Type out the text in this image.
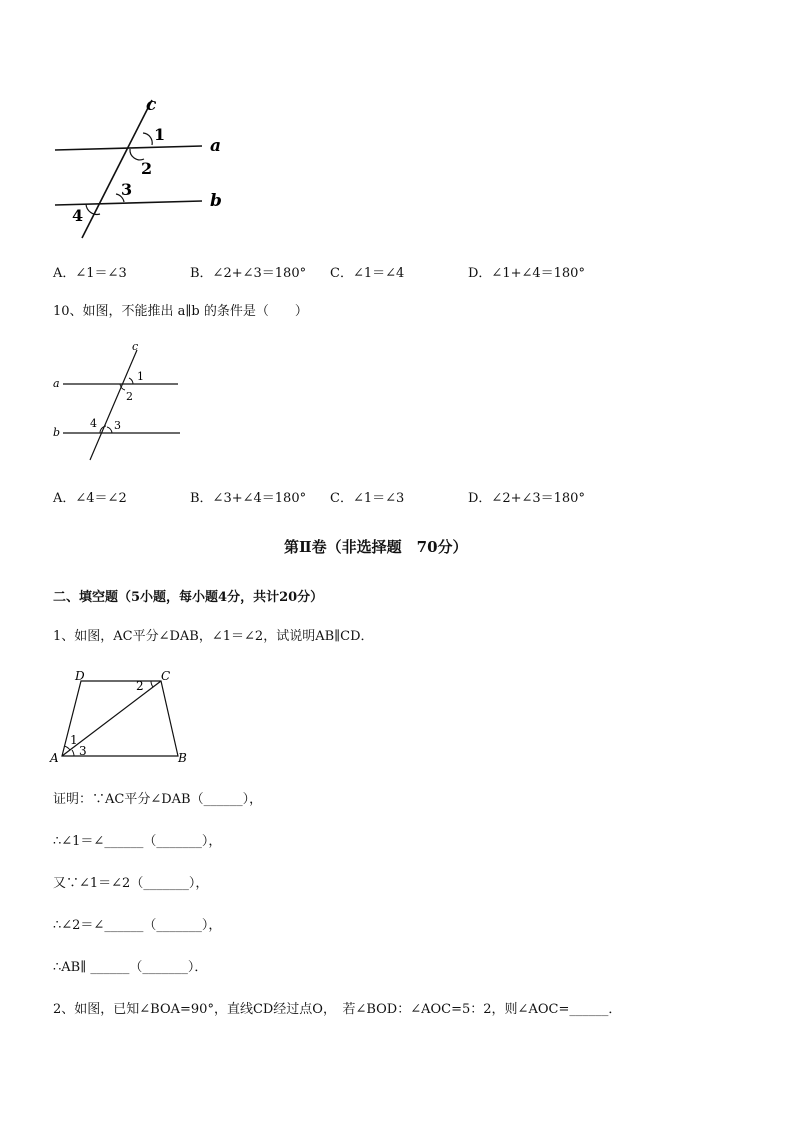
c
a
b
1
2
3
4
A．∠1＝∠3	B．∠2+∠3＝180° C．∠1＝∠4	D．∠1+∠4＝180°
10、如图，不能推出 a∥b 的条件是（　　）
c
a
b
1
2
3
4
A．∠4＝∠2	B．∠3+∠4＝180° C．∠1＝∠3	D．∠2+∠3＝180°
第Ⅱ卷（非选择题　70分）
二、填空题（5小题，每小题4分，共计20分）
1、如图，AC平分∠DAB，∠1＝∠2，试说明AB∥CD．
D	C
A	B
1
2
3
证明：∵AC平分∠DAB（______），
∴∠1＝∠______（_______），
又∵∠1＝∠2（_______），
∴∠2＝∠______（_______），
∴AB∥ ______（_______）．
2、如图，已知∠BOA=90°，直线CD经过点O，　若∠BOD：∠AOC=5：2，则∠AOC=______．
